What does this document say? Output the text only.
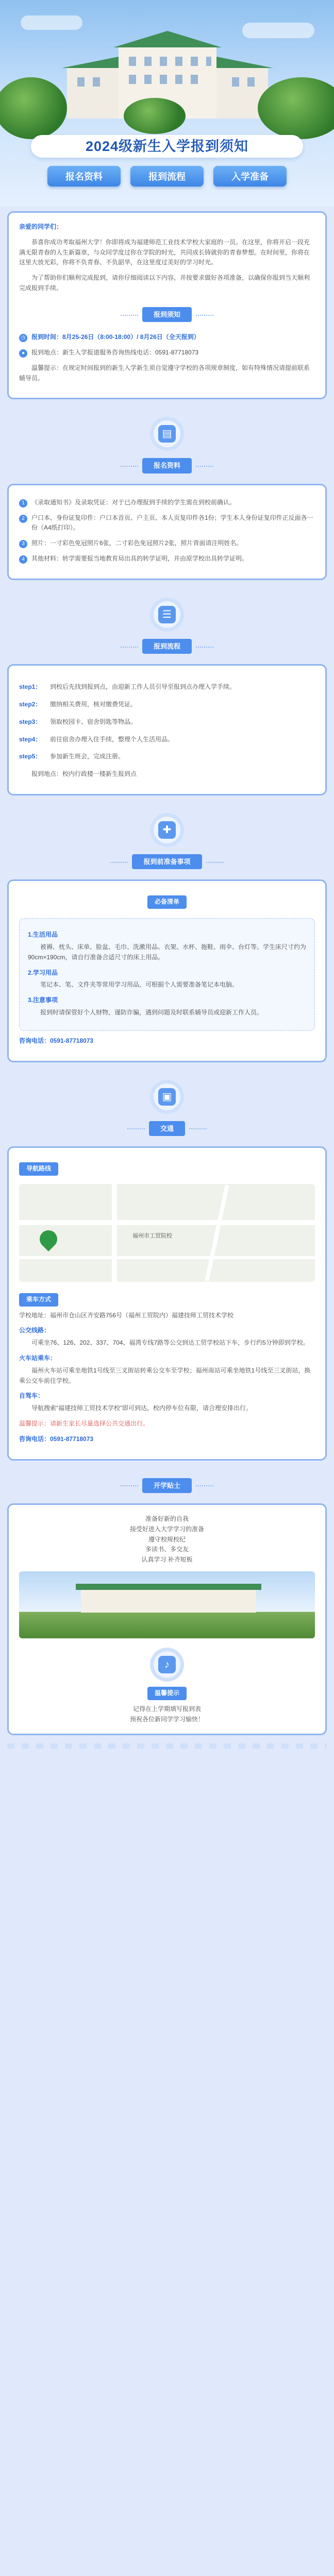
2024级新生入学报到须知
报名资料	报到流程	入学准备

亲爱的同学们：

恭喜你成功考取福州大学！你即将成为福建师范工业技术学校大家庭的一员。在这里，你将开启一段充满无限青春的人生新篇章，与众同学度过你在学院的时光，共同成长铸就你的青春梦想。在时间里，你将在这里大放光彩，你将不负青春、不负韶华，在这里度过美好的学习时光。

为了帮助你们顺利完成报到，请你仔细阅读以下内容，并按要求做好各项准备，以确保你报到当天顺利完成报到手续。

报到须知
◷ 报到时间：8月25-26日（8:00-18:00）/ 8月26日（全天报到）
●	报到地点：新生入学报道服务咨询热线电话：0591-87718073

温馨提示：在规定时间报到的新生入学新生须自觉遵守学校的各项规章制度，如有特殊情况请提前联系辅导员。

▤
报名资料
1	《录取通知书》及录取凭证：对于已办理报到手续的学生需在到校前确认。
2	户口本、身份证复印件：户口本首页、户主页、本人页复印件各1份；学生本人身份证复印件正反面各一份（A4纸打印）。
3	照片：一寸彩色免冠照片6张，二寸彩色免冠照片2张，照片背面请注明姓名。
4	其他材料：转学需要报当地教育局出具的转学证明，并由原学校出具转学证明。
☰
报到流程
step1：	到校后先找到报到点，由迎新工作人员引导至报到点办理入学手续。
step2：	缴纳相关费用，核对缴费凭证。
step3：	领取校园卡、宿舍钥匙等物品。
step4：	前往宿舍办理入住手续，整理个人生活用品。
step5：	参加新生班会，完成注册。

报到地点：校内行政楼一楼新生报到点

✚
报到前准备事项
必备清单
1.生活用品

被褥、枕头、床单、脸盆、毛巾、洗漱用品、衣架、水杯、拖鞋、雨伞、台灯等。学生床尺寸约为90cm×190cm，请自行准备合适尺寸的床上用品。

2.学习用品

笔记本、笔、文件夹等常用学习用品，可根据个人需要准备笔记本电脑。

3.注意事项

报到时请保管好个人财物，谨防诈骗，遇到问题及时联系辅导员或迎新工作人员。

咨询电话：0591-87718073

▣
交通
导航路线
福州市工贸院校
乘车方式

学校地址：福州市仓山区齐安路756号（福州工贸院内）福建技师工贸技术学校

公交线路：

可乘坐76、126、202、337、704、福湾专线7路等公交到达工贸学校站下车，步行约5分钟即到学校。

火车站乘车：

福州火车站可乘坐地铁1号线至三叉街站转乘公交车至学校；福州南站可乘坐地铁1号线至三叉街站，换乘公交车前往学校。

自驾车：

导航搜索“福建技师工贸技术学校”即可到达，校内停车位有限，请合理安排出行。

温馨提示：请新生家长尽量选择公共交通出行。

咨询电话：0591-87718073

开学贴士
准备好新的自我
接受好进入大学学习的准备
遵守校规校纪
多读书、多交友
认真学习 补齐短板
♪
温馨提示
记得在上学期填写报到表
预祝各位新同学学习愉快！
